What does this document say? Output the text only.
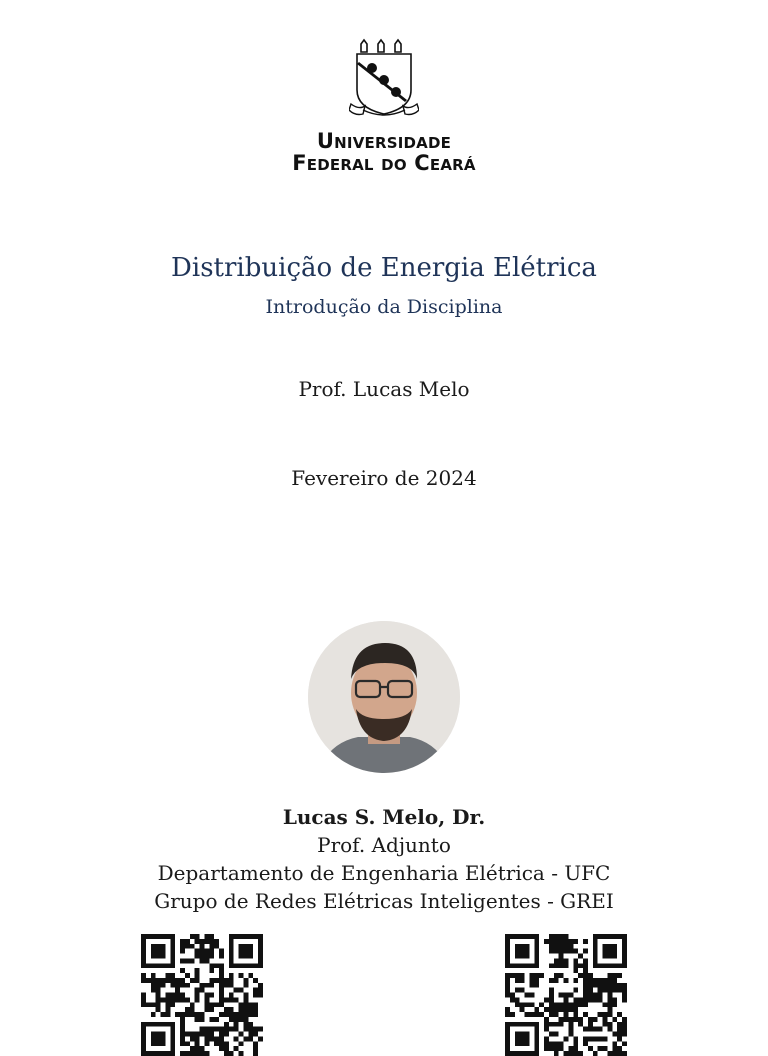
Universidade
Federal do Ceará
Distribuição de Energia Elétrica
Introdução da Disciplina
Prof. Lucas Melo
Fevereiro de 2024
Lucas S. Melo, Dr.
Prof. Adjunto
Departamento de Engenharia Elétrica - UFC
Grupo de Redes Elétricas Inteligentes - GREI
